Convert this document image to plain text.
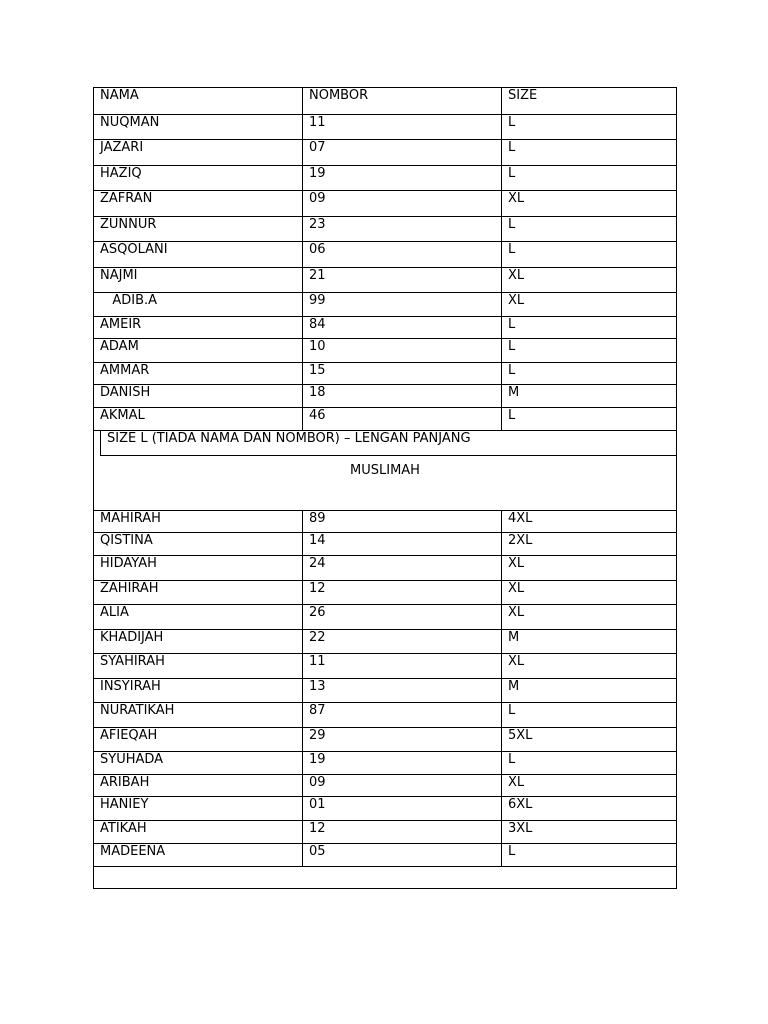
NAMA	NOMBOR	SIZE
NUQMAN	11	L
JAZARI	07	L
HAZIQ	19	L
ZAFRAN	09	XL
ZUNNUR	23	L
ASQOLANI	06	L
NAJMI	21	XL
ADIB.A	99	XL
AMEIR	84	L
ADAM	10	L
AMMAR	15	L
DANISH	18	M
AKMAL	46	L

SIZE L (TIADA NAMA DAN NOMBOR) – LENGAN PANJANG		

MUSLIMAH		
MAHIRAH	89	4XL
QISTINA	14	2XL
HIDAYAH	24	XL
ZAHIRAH	12	XL
ALIA	26	XL
KHADIJAH	22	M
SYAHIRAH	11	XL
INSYIRAH	13	M
NURATIKAH	87	L
AFIEQAH	29	5XL
SYUHADA	19	L
ARIBAH	09	XL
HANIEY	01	6XL
ATIKAH	12	3XL
MADEENA	05	L
